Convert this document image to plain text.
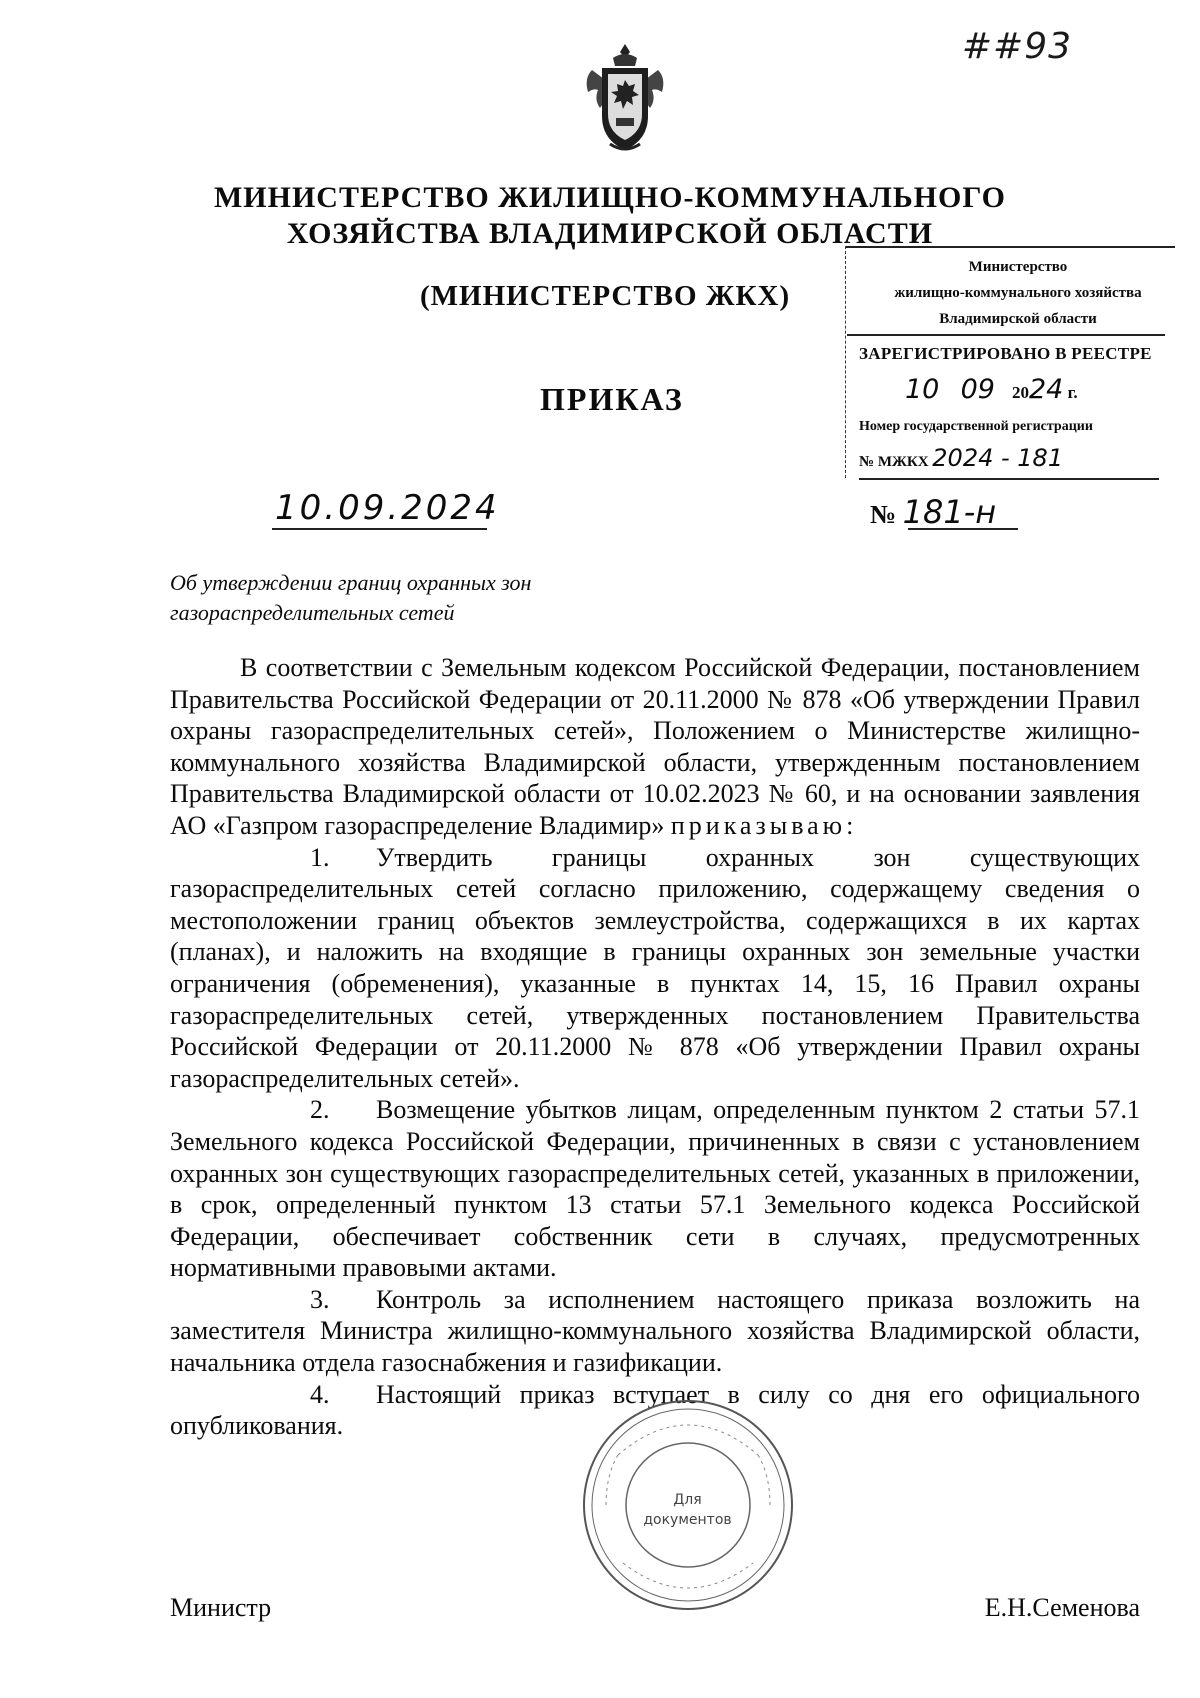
##93
МИНИСТЕРСТВО ЖИЛИЩНО-КОММУНАЛЬНОГО
ХОЗЯЙСТВА ВЛАДИМИРСКОЙ ОБЛАСТИ
(МИНИСТЕРСТВО ЖКХ)
ПРИКАЗ
Министерство
жилищно-коммунального хозяйства
Владимирской области
ЗАРЕГИСТРИРОВАНО В РЕЕСТРЕ
10 09 2024 г.
Номер государственной регистрации
№ МЖКХ 2024 - 181
10.09.2024	№ 181-н
Об утверждении границ охранных зон
газораспределительных сетей

В соответствии с Земельным кодексом Российской Федерации, постановлением Правительства Российской Федерации от 20.11.2000 № 878 «Об утверждении Правил охраны газораспределительных сетей», Положением о Министерстве жилищно-коммунального хозяйства Владимирской области, утвержденным постановлением Правительства Владимирской области от 10.02.2023 № 60, и на основании заявления АО «Газпром газораспределение Владимир» приказываю:

1. Утвердить границы охранных зон существующих газораспределительных сетей согласно приложению, содержащему сведения о местоположении границ объектов землеустройства, содержащихся в их картах (планах), и наложить на входящие в границы охранных зон земельные участки ограничения (обременения), указанные в пунктах 14, 15, 16 Правил охраны газораспределительных сетей, утвержденных постановлением Правительства Российской Федерации от 20.11.2000 № 878 «Об утверждении Правил охраны газораспределительных сетей».

2. Возмещение убытков лицам, определенным пунктом 2 статьи 57.1 Земельного кодекса Российской Федерации, причиненных в связи с установлением охранных зон существующих газораспределительных сетей, указанных в приложении, в срок, определенный пунктом 13 статьи 57.1 Земельного кодекса Российской Федерации, обеспечивает собственник сети в случаях, предусмотренных нормативными правовыми актами.

3. Контроль за исполнением настоящего приказа возложить на заместителя Министра жилищно-коммунального хозяйства Владимирской области, начальника отдела газоснабжения и газификации.

4. Настоящий приказ вступает в силу со дня его официального опубликования.

Для
документов
Министр	Е.Н.Семенова
